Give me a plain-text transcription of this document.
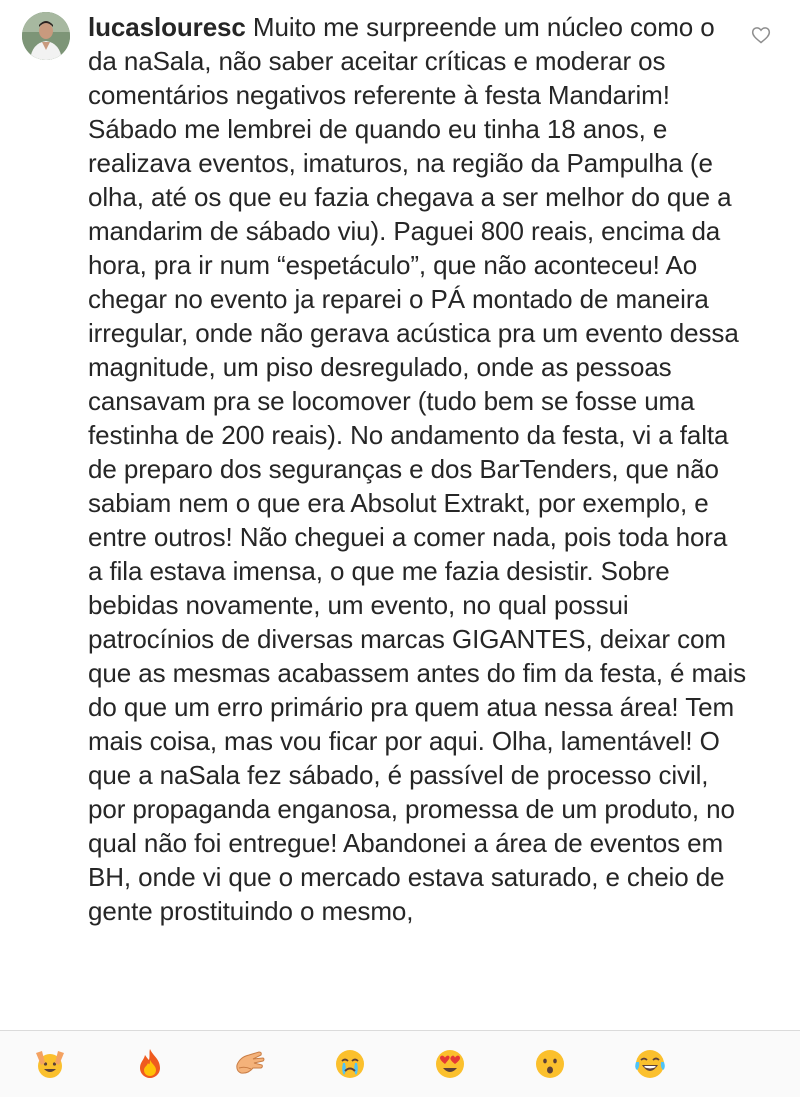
lucaslouresc Muito me surpreende um núcleo como o da naSala, não saber aceitar críticas e moderar os comentários negativos referente à festa Mandarim! Sábado me lembrei de quando eu tinha 18 anos, e realizava eventos, imaturos, na região da Pampulha (e olha, até os que eu fazia chegava a ser melhor do que a mandarim de sábado viu). Paguei 800 reais, encima da hora, pra ir num “espetáculo”, que não aconteceu! Ao chegar no evento ja reparei o PÁ montado de maneira irregular, onde não gerava acústica pra um evento dessa magnitude, um piso desregulado, onde as pessoas cansavam pra se locomover (tudo bem se fosse uma festinha de 200 reais). No andamento da festa, vi a falta de preparo dos seguranças e dos BarTenders, que não sabiam nem o que era Absolut Extrakt, por exemplo, e entre outros! Não cheguei a comer nada, pois toda hora a fila estava imensa, o que me fazia desistir. Sobre bebidas novamente, um evento, no qual possui patrocínios de diversas marcas GIGANTES, deixar com que as mesmas acabassem antes do fim da festa, é mais do que um erro primário pra quem atua nessa área! Tem mais coisa, mas vou ficar por aqui. Olha, lamentável! O que a naSala fez sábado, é passível de processo civil, por propaganda enganosa, promessa de um produto, no qual não foi entregue! Abandonei a área de eventos em BH, onde vi que o mercado estava saturado, e cheio de gente prostituindo o mesmo,
